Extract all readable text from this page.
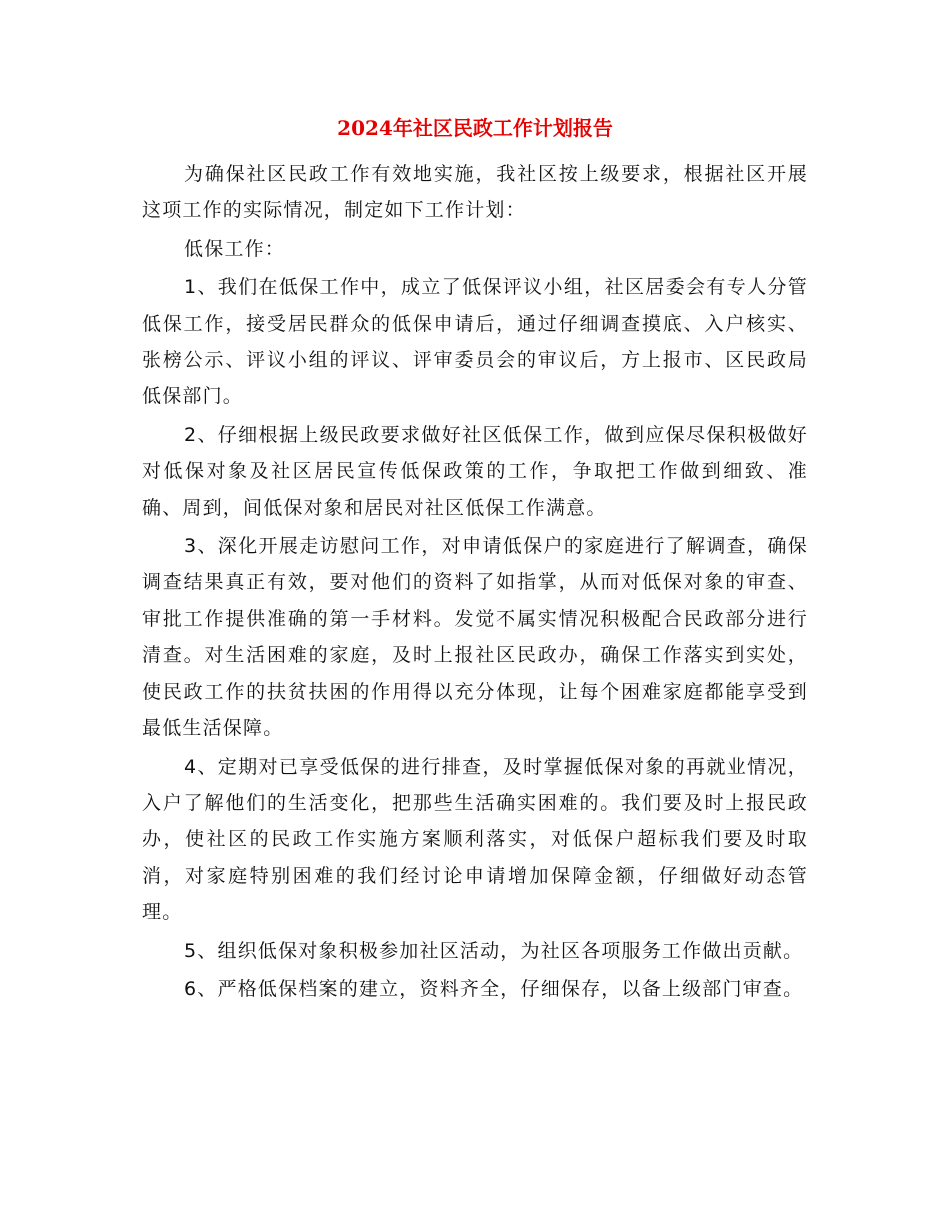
2024年社区民政工作计划报告

为确保社区民政工作有效地实施，我社区按上级要求，根据社区开展这项工作的实际情况，制定如下工作计划：

低保工作：

1、我们在低保工作中，成立了低保评议小组，社区居委会有专人分管低保工作，接受居民群众的低保申请后，通过仔细调查摸底、入户核实、张榜公示、评议小组的评议、评审委员会的审议后，方上报市、区民政局低保部门。

2、仔细根据上级民政要求做好社区低保工作，做到应保尽保积极做好对低保对象及社区居民宣传低保政策的工作，争取把工作做到细致、准确、周到，间低保对象和居民对社区低保工作满意。

3、深化开展走访慰问工作，对申请低保户的家庭进行了解调查，确保调查结果真正有效，要对他们的资料了如指掌，从而对低保对象的审查、审批工作提供准确的第一手材料。发觉不属实情况积极配合民政部分进行清查。对生活困难的家庭，及时上报社区民政办，确保工作落实到实处，使民政工作的扶贫扶困的作用得以充分体现，让每个困难家庭都能享受到最低生活保障。

4、定期对已享受低保的进行排查，及时掌握低保对象的再就业情况，入户了解他们的生活变化，把那些生活确实困难的。我们要及时上报民政办，使社区的民政工作实施方案顺利落实，对低保户超标我们要及时取消，对家庭特别困难的我们经讨论申请增加保障金额，仔细做好动态管理。

5、组织低保对象积极参加社区活动，为社区各项服务工作做出贡献。

6、严格低保档案的建立，资料齐全，仔细保存，以备上级部门审查。
